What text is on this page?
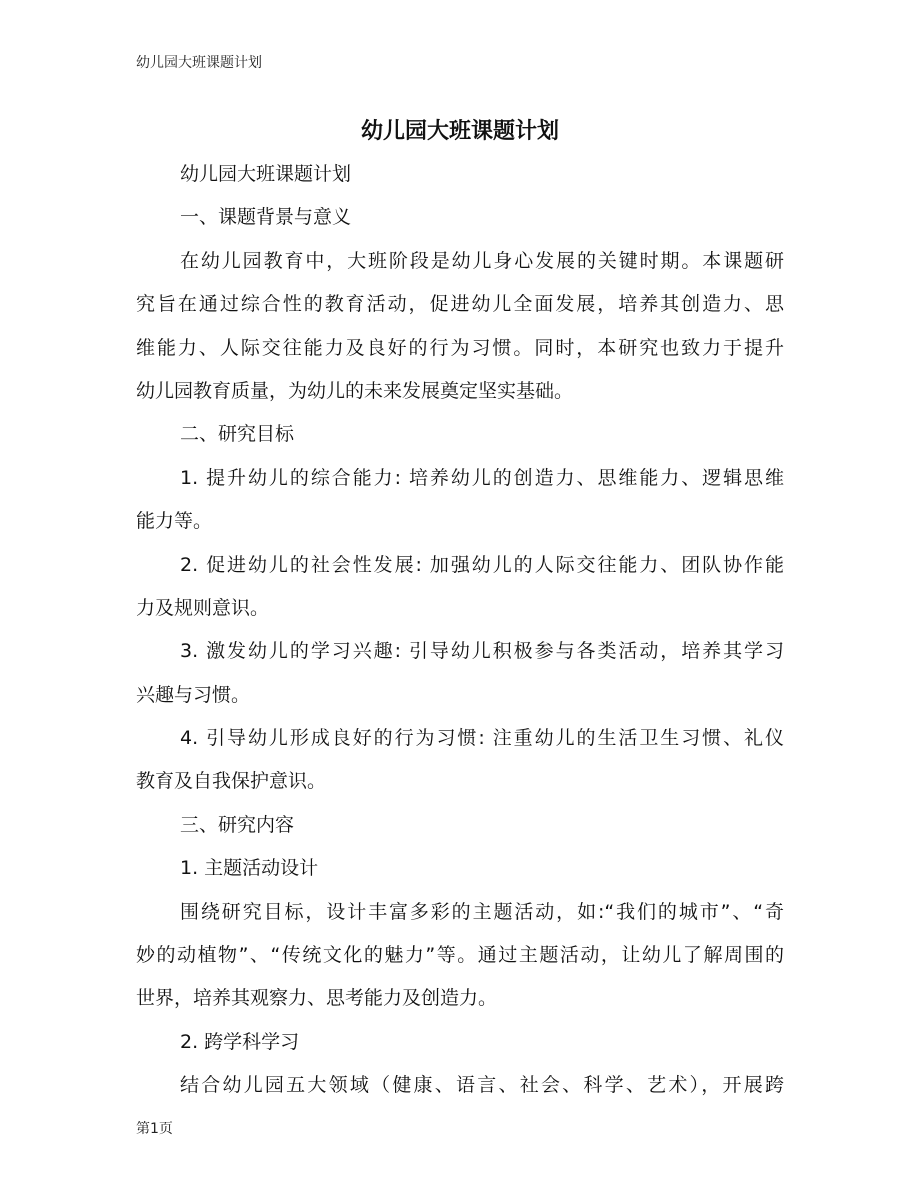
幼儿园大班课题计划
幼儿园大班课题计划
幼儿园大班课题计划
一、课题背景与意义
在幼儿园教育中，大班阶段是幼儿身心发展的关键时期。本课题研
究旨在通过综合性的教育活动，促进幼儿全面发展，培养其创造力、思
维能力、人际交往能力及良好的行为习惯。同时，本研究也致力于提升
幼儿园教育质量，为幼儿的未来发展奠定坚实基础。
二、研究目标
1. 提升幼儿的综合能力: 培养幼儿的创造力、思维能力、逻辑思维
能力等。
2. 促进幼儿的社会性发展: 加强幼儿的人际交往能力、团队协作能
力及规则意识。
3. 激发幼儿的学习兴趣: 引导幼儿积极参与各类活动，培养其学习
兴趣与习惯。
4. 引导幼儿形成良好的行为习惯: 注重幼儿的生活卫生习惯、礼仪
教育及自我保护意识。
三、研究内容
1. 主题活动设计
围绕研究目标，设计丰富多彩的主题活动，如:“我们的城市”、“奇
妙的动植物”、“传统文化的魅力”等。通过主题活动，让幼儿了解周围的
世界，培养其观察力、思考能力及创造力。
2. 跨学科学习
结合幼儿园五大领域（健康、语言、社会、科学、艺术），开展跨
第1页
